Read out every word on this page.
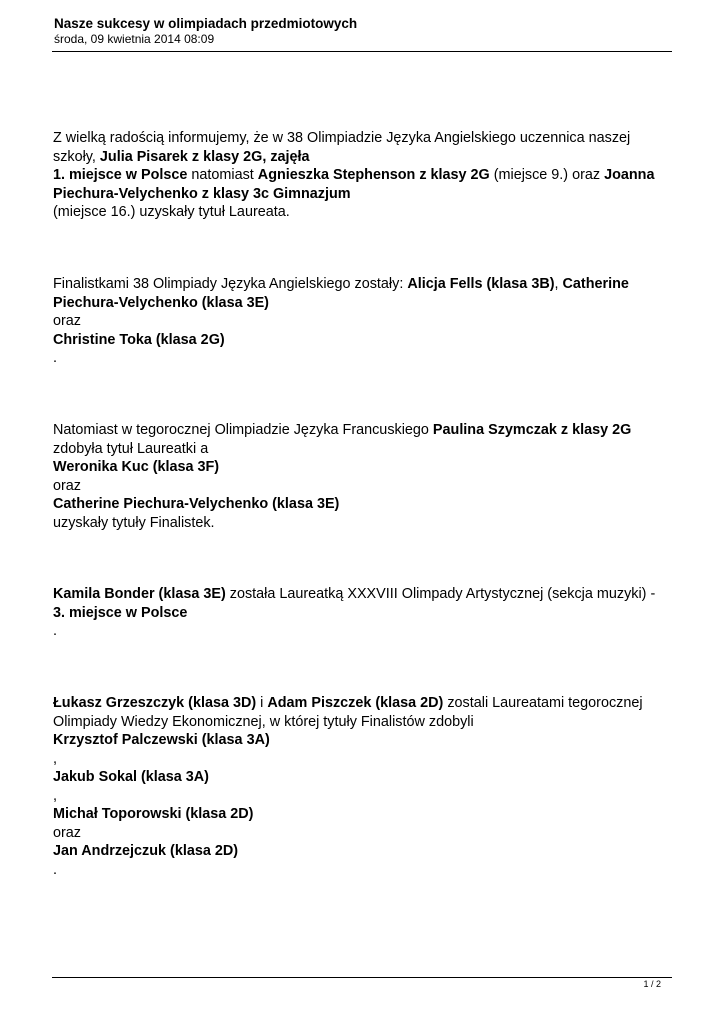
Nasze sukcesy w olimpiadach przedmiotowych
środa, 09 kwietnia 2014 08:09
Z wielką radością informujemy, że w 38 Olimpiadzie Języka Angielskiego uczennica naszej szkoły, Julia Pisarek z klasy 2G, zajęła
1. miejsce w Polsce natomiast Agnieszka Stephenson z klasy 2G (miejsce 9.) oraz Joanna Piechura-Velychenko z klasy 3c Gimnazjum
(miejsce 16.) uzyskały tytuł Laureata.
Finalistkami 38 Olimpiady Języka Angielskiego zostały: Alicja Fells (klasa 3B), Catherine Piechura-Velychenko (klasa 3E)
oraz
Christine Toka (klasa 2G)
.
Natomiast w tegorocznej Olimpiadzie Języka Francuskiego Paulina Szymczak z klasy 2G
zdobyła tytuł Laureatki a
Weronika Kuc (klasa 3F)
oraz
Catherine Piechura-Velychenko (klasa 3E)
uzyskały tytuły Finalistek.
Kamila Bonder (klasa 3E) została Laureatką XXXVIII Olimpady Artystycznej (sekcja muzyki) -
3. miejsce w Polsce
.
Łukasz Grzeszczyk (klasa 3D) i Adam Piszczek (klasa 2D) zostali Laureatami tegorocznej Olimpiady Wiedzy Ekonomicznej, w której tytuły Finalistów zdobyli
Krzysztof Palczewski (klasa 3A)
,
Jakub Sokal (klasa 3A)
,
Michał Toporowski (klasa 2D)
oraz
Jan Andrzejczuk (klasa 2D)
.
1 / 2
